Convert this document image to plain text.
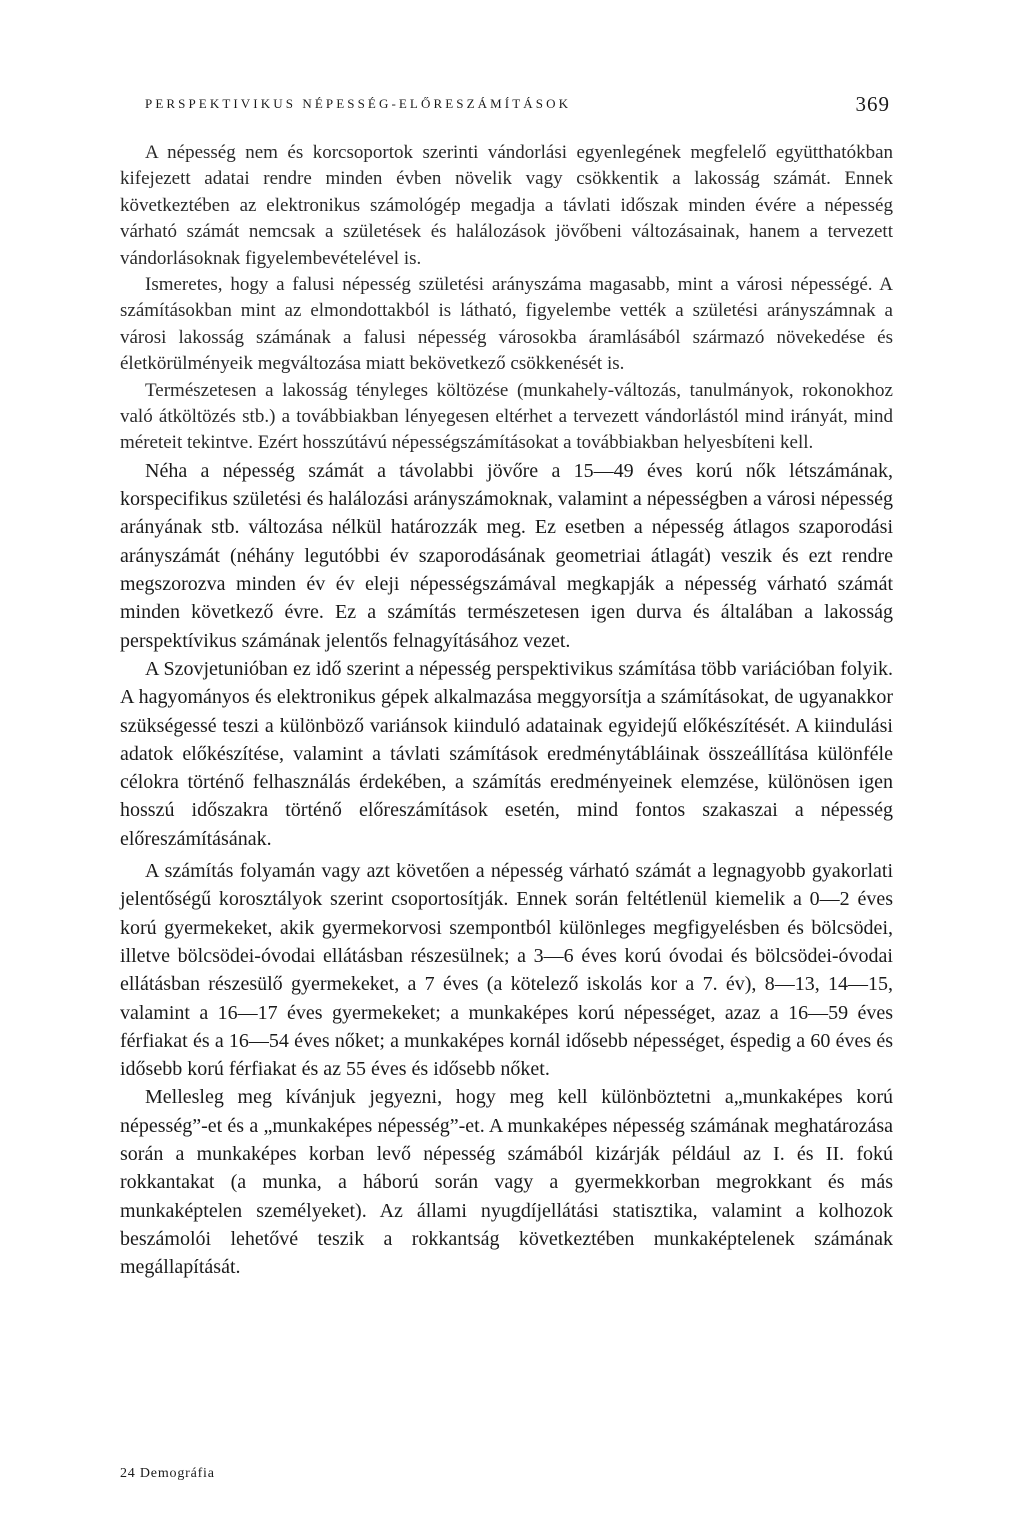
PERSPEKTIVIKUS NÉPESSÉG-ELŐRESZÁMÍTÁSOK	369

A népesség nem és korcsoportok szerinti vándorlási egyenlegének megfelelő együtthatókban kifejezett adatai rendre minden évben növelik vagy csökkentik a lakosság számát. Ennek következtében az elektronikus számológép megadja a távlati időszak minden évére a népesség várható számát nemcsak a születések és halálozások jövőbeni változásainak, hanem a tervezett vándorlásoknak figyelembevételével is.

Ismeretes, hogy a falusi népesség születési arányszáma magasabb, mint a városi népességé. A számításokban mint az elmondottakból is látható, figyelembe vették a születési arányszámnak a városi lakosság számának a falusi népesség városokba áramlásából származó növekedése és életkörülményeik megváltozása miatt bekövetkező csökkenését is.

Természetesen a lakosság tényleges költözése (munkahely-változás, tanulmányok, rokonokhoz való átköltözés stb.) a továbbiakban lényegesen eltérhet a tervezett vándorlástól mind irányát, mind méreteit tekintve. Ezért hosszútávú népességszámításokat a továbbiakban helyesbíteni kell.

Néha a népesség számát a távolabbi jövőre a 15—49 éves korú nők létszámának, korspecifikus születési és halálozási arányszámoknak, valamint a népességben a városi népesség arányának stb. változása nélkül határozzák meg. Ez esetben a népesség átlagos szaporodási arányszámát (néhány legutóbbi év szaporodásának geometriai átlagát) veszik és ezt rendre megszorozva minden év év eleji népességszámával megkapják a népesség várható számát minden következő évre. Ez a számítás természetesen igen durva és általában a lakosság perspektívikus számának jelentős felnagyításához vezet.

A Szovjetunióban ez idő szerint a népesség perspektivikus számítása több variációban folyik. A hagyományos és elektronikus gépek alkalmazása meggyorsítja a számításokat, de ugyanakkor szükségessé teszi a különböző variánsok kiinduló adatainak egyidejű előkészítését. A kiindulási adatok előkészítése, valamint a távlati számítások eredménytábláinak összeállítása különféle célokra történő felhasználás érdekében, a számítás eredményeinek elemzése, különösen igen hosszú időszakra történő előreszámítások esetén, mind fontos szakaszai a népesség előreszámításának.

A számítás folyamán vagy azt követően a népesség várható számát a legnagyobb gyakorlati jelentőségű korosztályok szerint csoportosítják. Ennek során feltétlenül kiemelik a 0—2 éves korú gyermekeket, akik gyermekorvosi szempontból különleges megfigyelésben és bölcsödei, illetve bölcsödei-óvodai ellátásban részesülnek; a 3—6 éves korú óvodai és bölcsödei-óvodai ellátásban részesülő gyermekeket, a 7 éves (a kötelező iskolás kor a 7. év), 8—13, 14—15, valamint a 16—17 éves gyermekeket; a munkaképes korú népességet, azaz a 16—59 éves férfiakat és a 16—54 éves nőket; a munkaképes kornál idősebb népességet, éspedig a 60 éves és idősebb korú férfiakat és az 55 éves és idősebb nőket.

Mellesleg meg kívánjuk jegyezni, hogy meg kell különböztetni a„munkaképes korú népesség”-et és a „munkaképes népesség”-et. A munkaképes népesség számának meghatározása során a munkaképes korban levő népesség számából kizárják például az I. és II. fokú rokkantakat (a munka, a háború során vagy a gyermekkorban megrokkant és más munkaképtelen személyeket). Az állami nyugdíjellátási statisztika, valamint a kolhozok beszámolói lehetővé teszik a rokkantság következtében munkaképtelenek számának megállapítását.

24 Demográfia
